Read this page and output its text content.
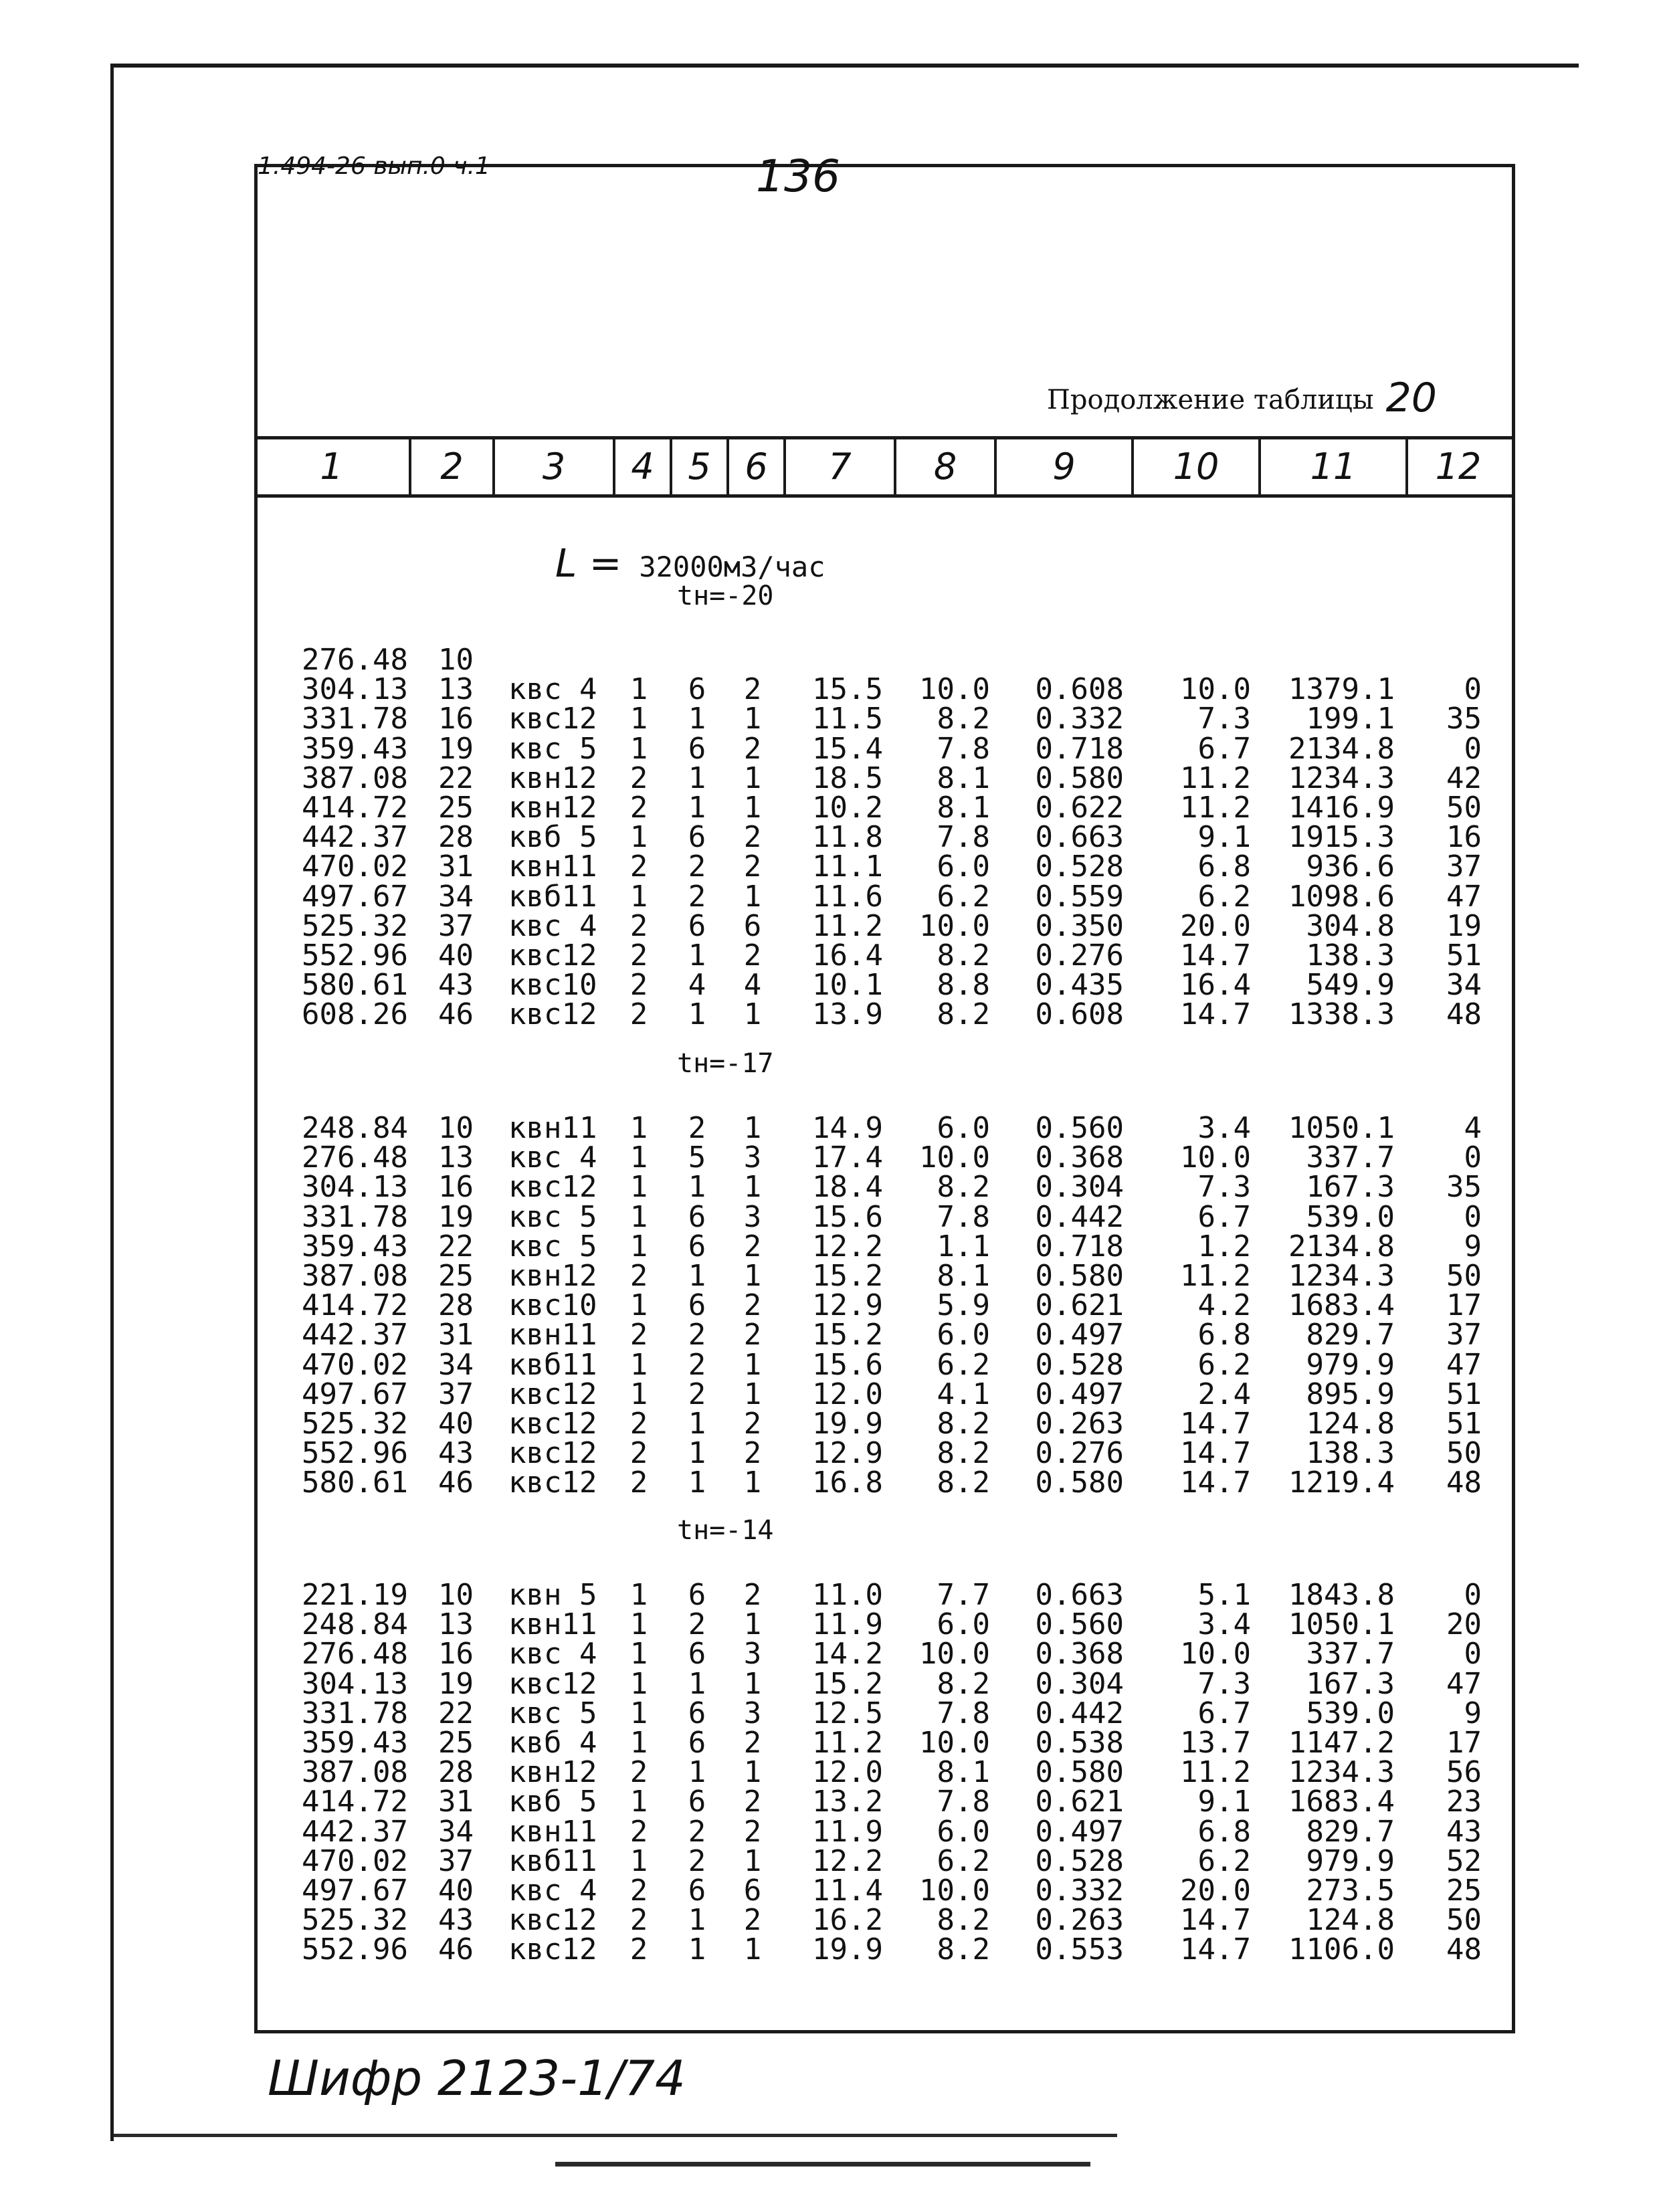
1.494-26 вып.0 ч.1	136
Продолжение таблицы 20
1	2	3	4 5 6	7	8	9	10	11	12
L = 32000м3/час
tн=-20
276.48 10
304.13 13 квс 4 1 6 2	15.5	10.0	0.608	10.0	1379.1	0
331.78 16 квс12 1 1 1	11.5	8.2	0.332	7.3	199.1	35
359.43 19 квс 5 1 6 2	15.4	7.8	0.718	6.7	2134.8	0
387.08 22 квн12 2 1 1	18.5	8.1	0.580	11.2	1234.3	42
414.72 25 квн12 2 1 1	10.2	8.1	0.622	11.2	1416.9	50
442.37 28 квб 5 1 6 2	11.8	7.8	0.663	9.1	1915.3	16
470.02 31 квн11 2 2 2	11.1	6.0	0.528	6.8	936.6	37
497.67 34 квб11 1 2 1	11.6	6.2	0.559	6.2	1098.6	47
525.32 37 квс 4 2 6 6	11.2	10.0	0.350	20.0	304.8	19
552.96 40 квс12 2 1 2	16.4	8.2	0.276	14.7	138.3	51
580.61 43 квс10 2 4 4	10.1	8.8	0.435	16.4	549.9	34
608.26 46 квс12 2 1 1	13.9	8.2	0.608	14.7	1338.3	48
tн=-17
248.84 10 квн11 1 2 1	14.9	6.0	0.560	3.4	1050.1	4
276.48 13 квс 4 1 5 3	17.4	10.0	0.368	10.0	337.7	0
304.13 16 квс12 1 1 1	18.4	8.2	0.304	7.3	167.3	35
331.78 19 квс 5 1 6 3	15.6	7.8	0.442	6.7	539.0	0
359.43 22 квс 5 1 6 2	12.2	1.1	0.718	1.2	2134.8	9
387.08 25 квн12 2 1 1	15.2	8.1	0.580	11.2	1234.3	50
414.72 28 квс10 1 6 2	12.9	5.9	0.621	4.2	1683.4	17
442.37 31 квн11 2 2 2	15.2	6.0	0.497	6.8	829.7	37
470.02 34 квб11 1 2 1	15.6	6.2	0.528	6.2	979.9	47
497.67 37 квс12 1 2 1	12.0	4.1	0.497	2.4	895.9	51
525.32 40 квс12 2 1 2	19.9	8.2	0.263	14.7	124.8	51
552.96 43 квс12 2 1 2	12.9	8.2	0.276	14.7	138.3	50
580.61 46 квс12 2 1 1	16.8	8.2	0.580	14.7	1219.4	48
tн=-14
221.19 10 квн 5 1 6 2	11.0	7.7	0.663	5.1	1843.8	0
248.84 13 квн11 1 2 1	11.9	6.0	0.560	3.4	1050.1	20
276.48 16 квс 4 1 6 3	14.2	10.0	0.368	10.0	337.7	0
304.13 19 квс12 1 1 1	15.2	8.2	0.304	7.3	167.3	47
331.78 22 квс 5 1 6 3	12.5	7.8	0.442	6.7	539.0	9
359.43 25 квб 4 1 6 2	11.2	10.0	0.538	13.7	1147.2	17
387.08 28 квн12 2 1 1	12.0	8.1	0.580	11.2	1234.3	56
414.72 31 квб 5 1 6 2	13.2	7.8	0.621	9.1	1683.4	23
442.37 34 квн11 2 2 2	11.9	6.0	0.497	6.8	829.7	43
470.02 37 квб11 1 2 1	12.2	6.2	0.528	6.2	979.9	52
497.67 40 квс 4 2 6 6	11.4	10.0	0.332	20.0	273.5	25
525.32 43 квс12 2 1 2	16.2	8.2	0.263	14.7	124.8	50
552.96 46 квс12 2 1 1	19.9	8.2	0.553	14.7	1106.0	48
Шифр 2123-1/74
